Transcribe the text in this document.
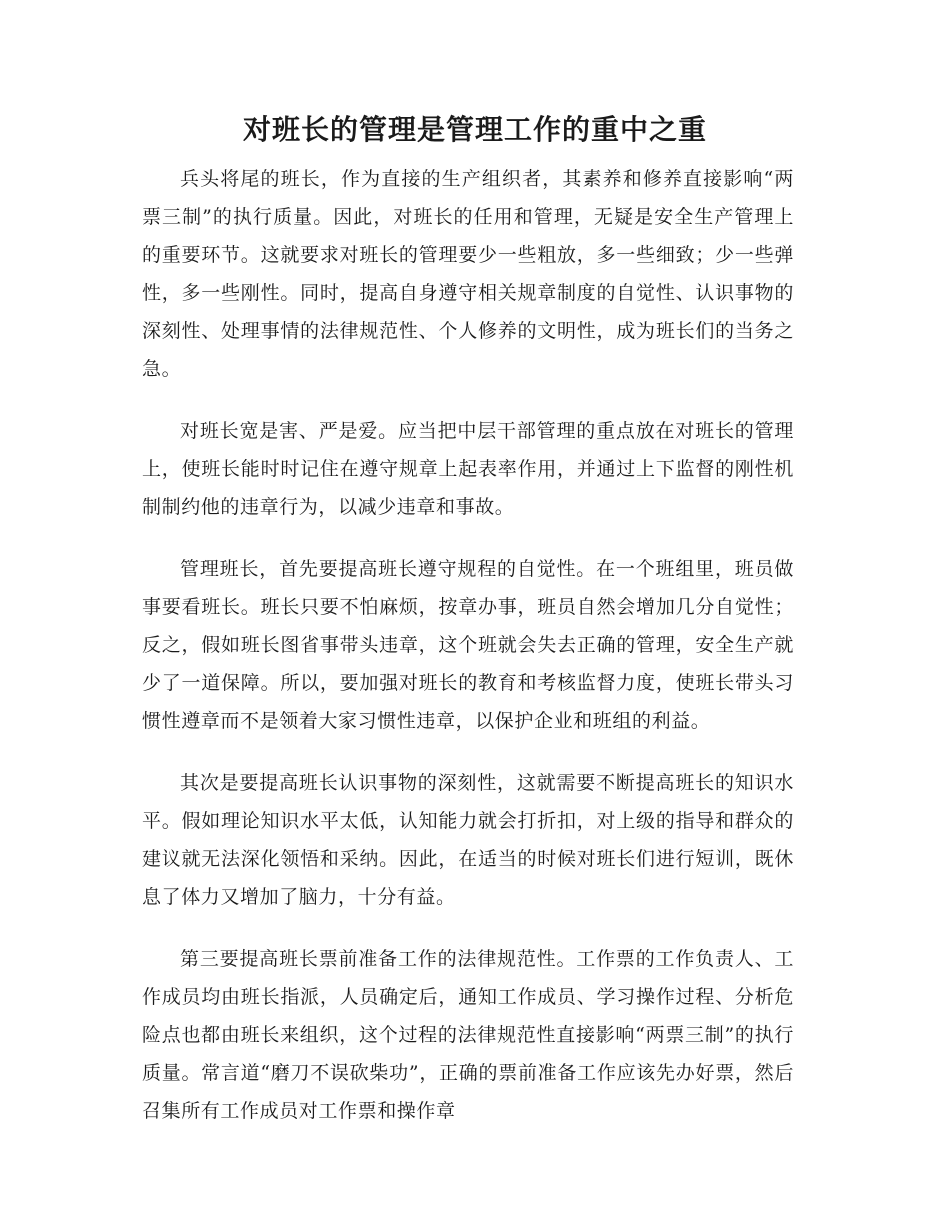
对班长的管理是管理工作的重中之重

兵头将尾的班长，作为直接的生产组织者，其素养和修养直接影响“两票三制”的执行质量。因此，对班长的任用和管理，无疑是安全生产管理上的重要环节。这就要求对班长的管理要少一些粗放，多一些细致；少一些弹性，多一些刚性。同时，提高自身遵守相关规章制度的自觉性、认识事物的深刻性、处理事情的法律规范性、个人修养的文明性，成为班长们的当务之急。

对班长宽是害、严是爱。应当把中层干部管理的重点放在对班长的管理上，使班长能时时记住在遵守规章上起表率作用，并通过上下监督的刚性机制制约他的违章行为，以减少违章和事故。

管理班长，首先要提高班长遵守规程的自觉性。在一个班组里，班员做事要看班长。班长只要不怕麻烦，按章办事，班员自然会增加几分自觉性；反之，假如班长图省事带头违章，这个班就会失去正确的管理，安全生产就少了一道保障。所以，要加强对班长的教育和考核监督力度，使班长带头习惯性遵章而不是领着大家习惯性违章，以保护企业和班组的利益。

其次是要提高班长认识事物的深刻性，这就需要不断提高班长的知识水平。假如理论知识水平太低，认知能力就会打折扣，对上级的指导和群众的建议就无法深化领悟和采纳。因此，在适当的时候对班长们进行短训，既休息了体力又增加了脑力，十分有益。

第三要提高班长票前准备工作的法律规范性。工作票的工作负责人、工作成员均由班长指派，人员确定后，通知工作成员、学习操作过程、分析危险点也都由班长来组织，这个过程的法律规范性直接影响“两票三制”的执行质量。常言道“磨刀不误砍柴功”，正确的票前准备工作应该先办好票，然后召集所有工作成员对工作票和操作章
